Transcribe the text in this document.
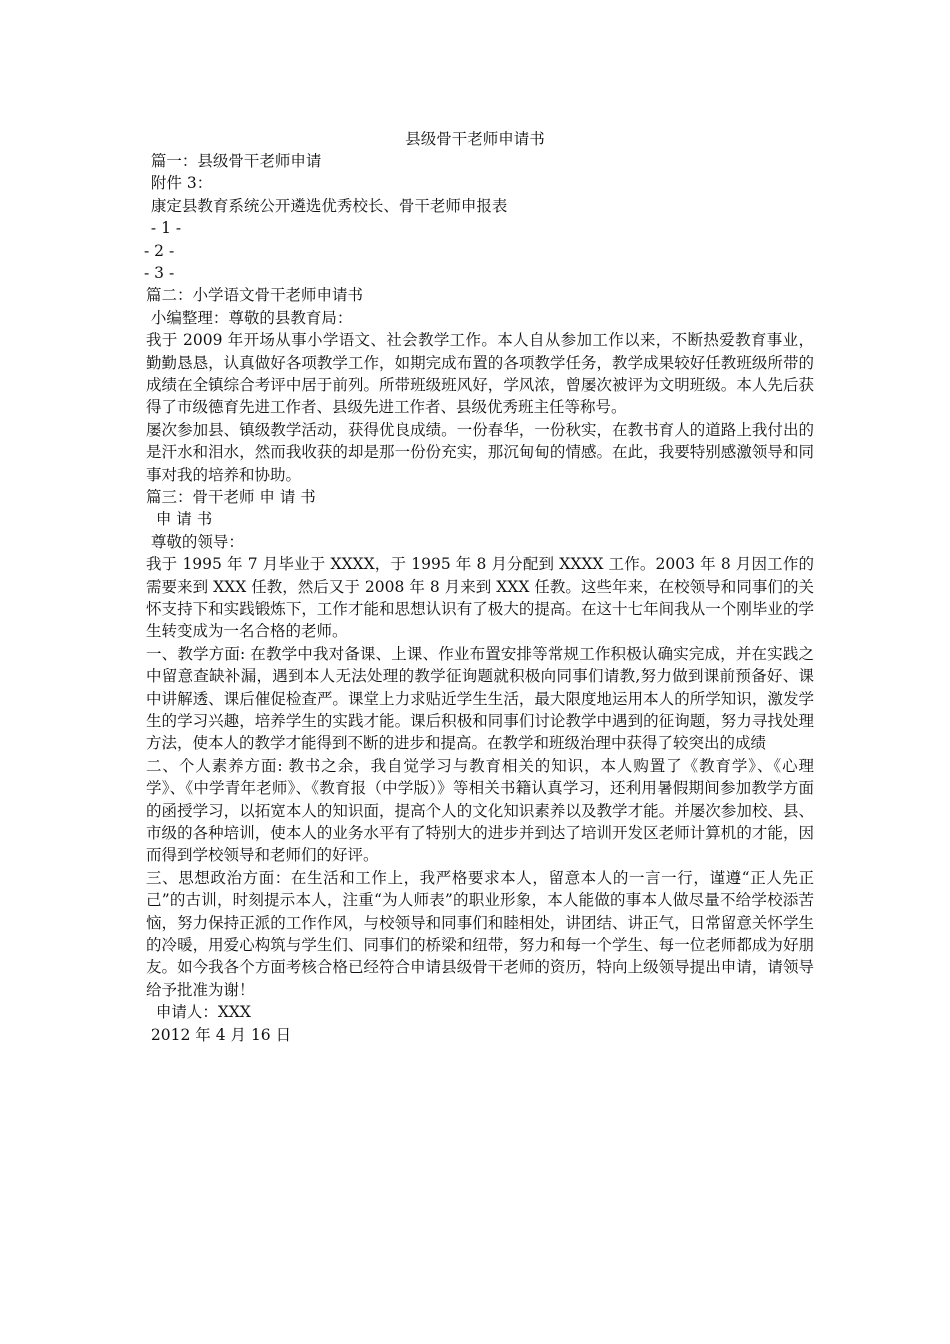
县级骨干老师申请书
篇一：县级骨干老师申请
附件 3：
康定县教育系统公开遴选优秀校长、骨干老师申报表
- 1 -
- 2 -
- 3 -
篇二：小学语文骨干老师申请书
小编整理：尊敬的县教育局：
我于 2009 年开场从事小学语文、社会教学工作。本人自从参加工作以来，不断热爱教育事业，勤勤恳恳，认真做好各项教学工作，如期完成布置的各项教学任务，教学成果较好任教班级所带的成绩在全镇综合考评中居于前列。所带班级班风好，学风浓，曾屡次被评为文明班级。本人先后获得了市级德育先进工作者、县级先进工作者、县级优秀班主任等称号。
屡次参加县、镇级教学活动，获得优良成绩。一份春华，一份秋实，在教书育人的道路上我付出的是汗水和泪水，然而我收获的却是那一份份充实，那沉甸甸的情感。在此，我要特别感激领导和同事对我的培养和协助。
篇三：骨干老师 申 请 书
申 请 书
尊敬的领导：
我于 1995 年 7 月毕业于 XXXX，于 1995 年 8 月分配到 XXXX 工作。2003 年 8 月因工作的需要来到 XXX 任教，然后又于 2008 年 8 月来到 XXX 任教。这些年来，在校领导和同事们的关怀支持下和实践锻炼下，工作才能和思想认识有了极大的提高。在这十七年间我从一个刚毕业的学生转变成为一名合格的老师。
一、教学方面: 在教学中我对备课、上课、作业布置安排等常规工作积极认确实完成，并在实践之中留意查缺补漏，遇到本人无法处理的教学征询题就积极向同事们请教,努力做到课前预备好、课中讲解透、课后催促检查严。课堂上力求贴近学生生活，最大限度地运用本人的所学知识，激发学生的学习兴趣，培养学生的实践才能。课后积极和同事们讨论教学中遇到的征询题，努力寻找处理方法，使本人的教学才能得到不断的进步和提高。在教学和班级治理中获得了较突出的成绩
二、个人素养方面: 教书之余，我自觉学习与教育相关的知识，本人购置了《教育学》、《心理学》、《中学青年老师》、《教育报（中学版）》等相关书籍认真学习，还利用暑假期间参加教学方面的函授学习，以拓宽本人的知识面，提高个人的文化知识素养以及教学才能。并屡次参加校、县、市级的各种培训，使本人的业务水平有了特别大的进步并到达了培训开发区老师计算机的才能，因而得到学校领导和老师们的好评。
三、思想政治方面：在生活和工作上，我严格要求本人，留意本人的一言一行，谨遵“正人先正己”的古训，时刻提示本人，注重“为人师表”的职业形象，本人能做的事本人做尽量不给学校添苦恼，努力保持正派的工作作风，与校领导和同事们和睦相处，讲团结、讲正气，日常留意关怀学生的冷暖，用爱心构筑与学生们、同事们的桥梁和纽带，努力和每一个学生、每一位老师都成为好朋友。如今我各个方面考核合格已经符合申请县级骨干老师的资历，特向上级领导提出申请，请领导给予批准为谢！
申请人：XXX
2012 年 4 月 16 日
